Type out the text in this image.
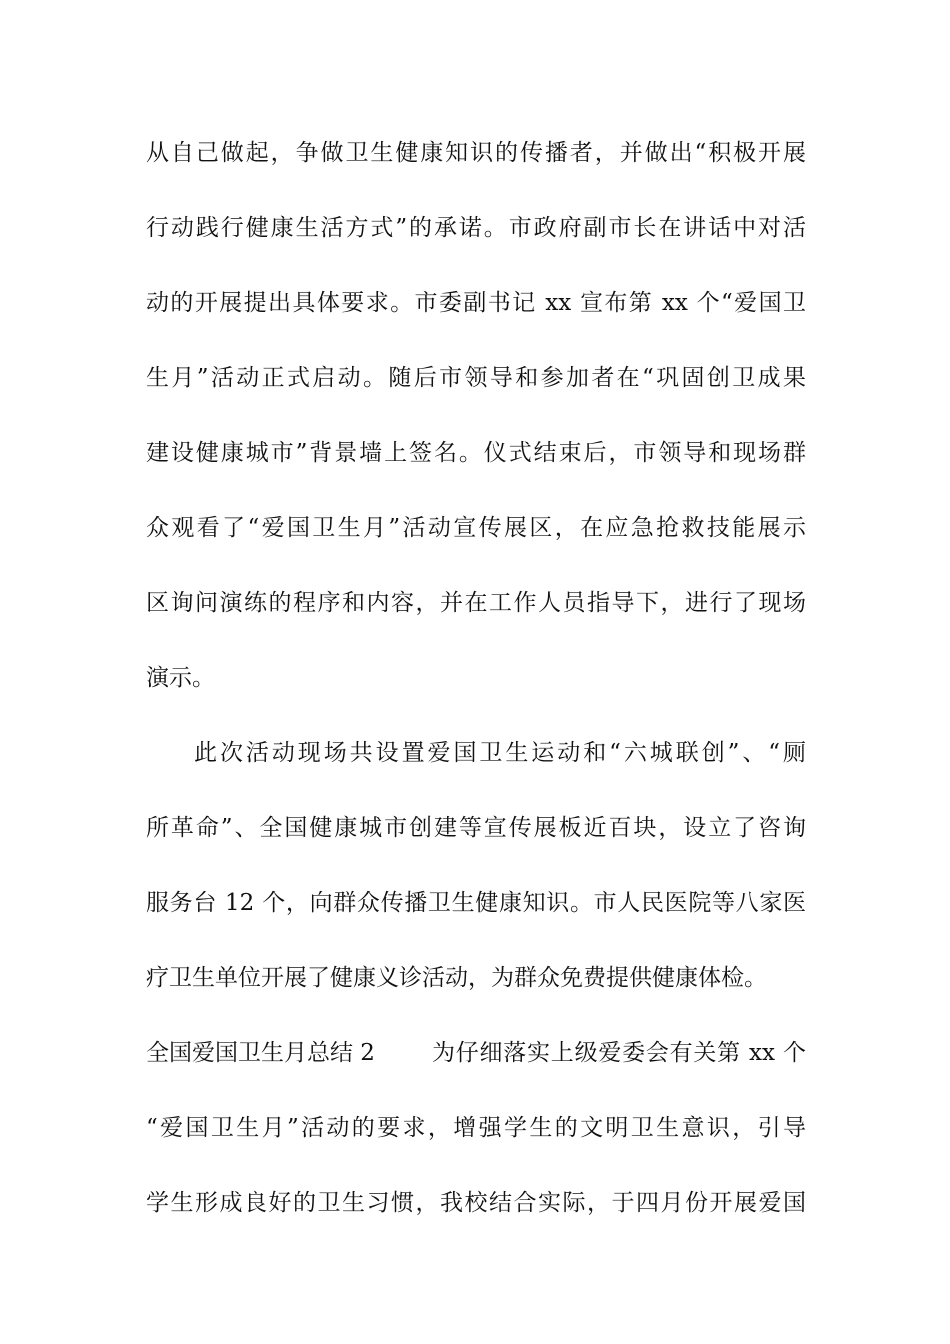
从自己做起，争做卫生健康知识的传播者，并做出“积极开展
行动践行健康生活方式”的承诺。市政府副市长在讲话中对活
动的开展提出具体要求。市委副书记 xx 宣布第 xx 个“爱国卫
生月”活动正式启动。随后市领导和参加者在“巩固创卫成果
建设健康城市”背景墙上签名。仪式结束后，市领导和现场群
众观看了“爱国卫生月”活动宣传展区，在应急抢救技能展示
区询问演练的程序和内容，并在工作人员指导下，进行了现场
演示。
此次活动现场共设置爱国卫生运动和“六城联创”、“厕
所革命”、全国健康城市创建等宣传展板近百块，设立了咨询
服务台 12 个，向群众传播卫生健康知识。市人民医院等八家医
疗卫生单位开展了健康义诊活动，为群众免费提供健康体检。
全国爱国卫生月总结 2 为仔细落实上级爱委会有关第 xx 个
“爱国卫生月”活动的要求，增强学生的文明卫生意识，引导
学生形成良好的卫生习惯，我校结合实际，于四月份开展爱国
